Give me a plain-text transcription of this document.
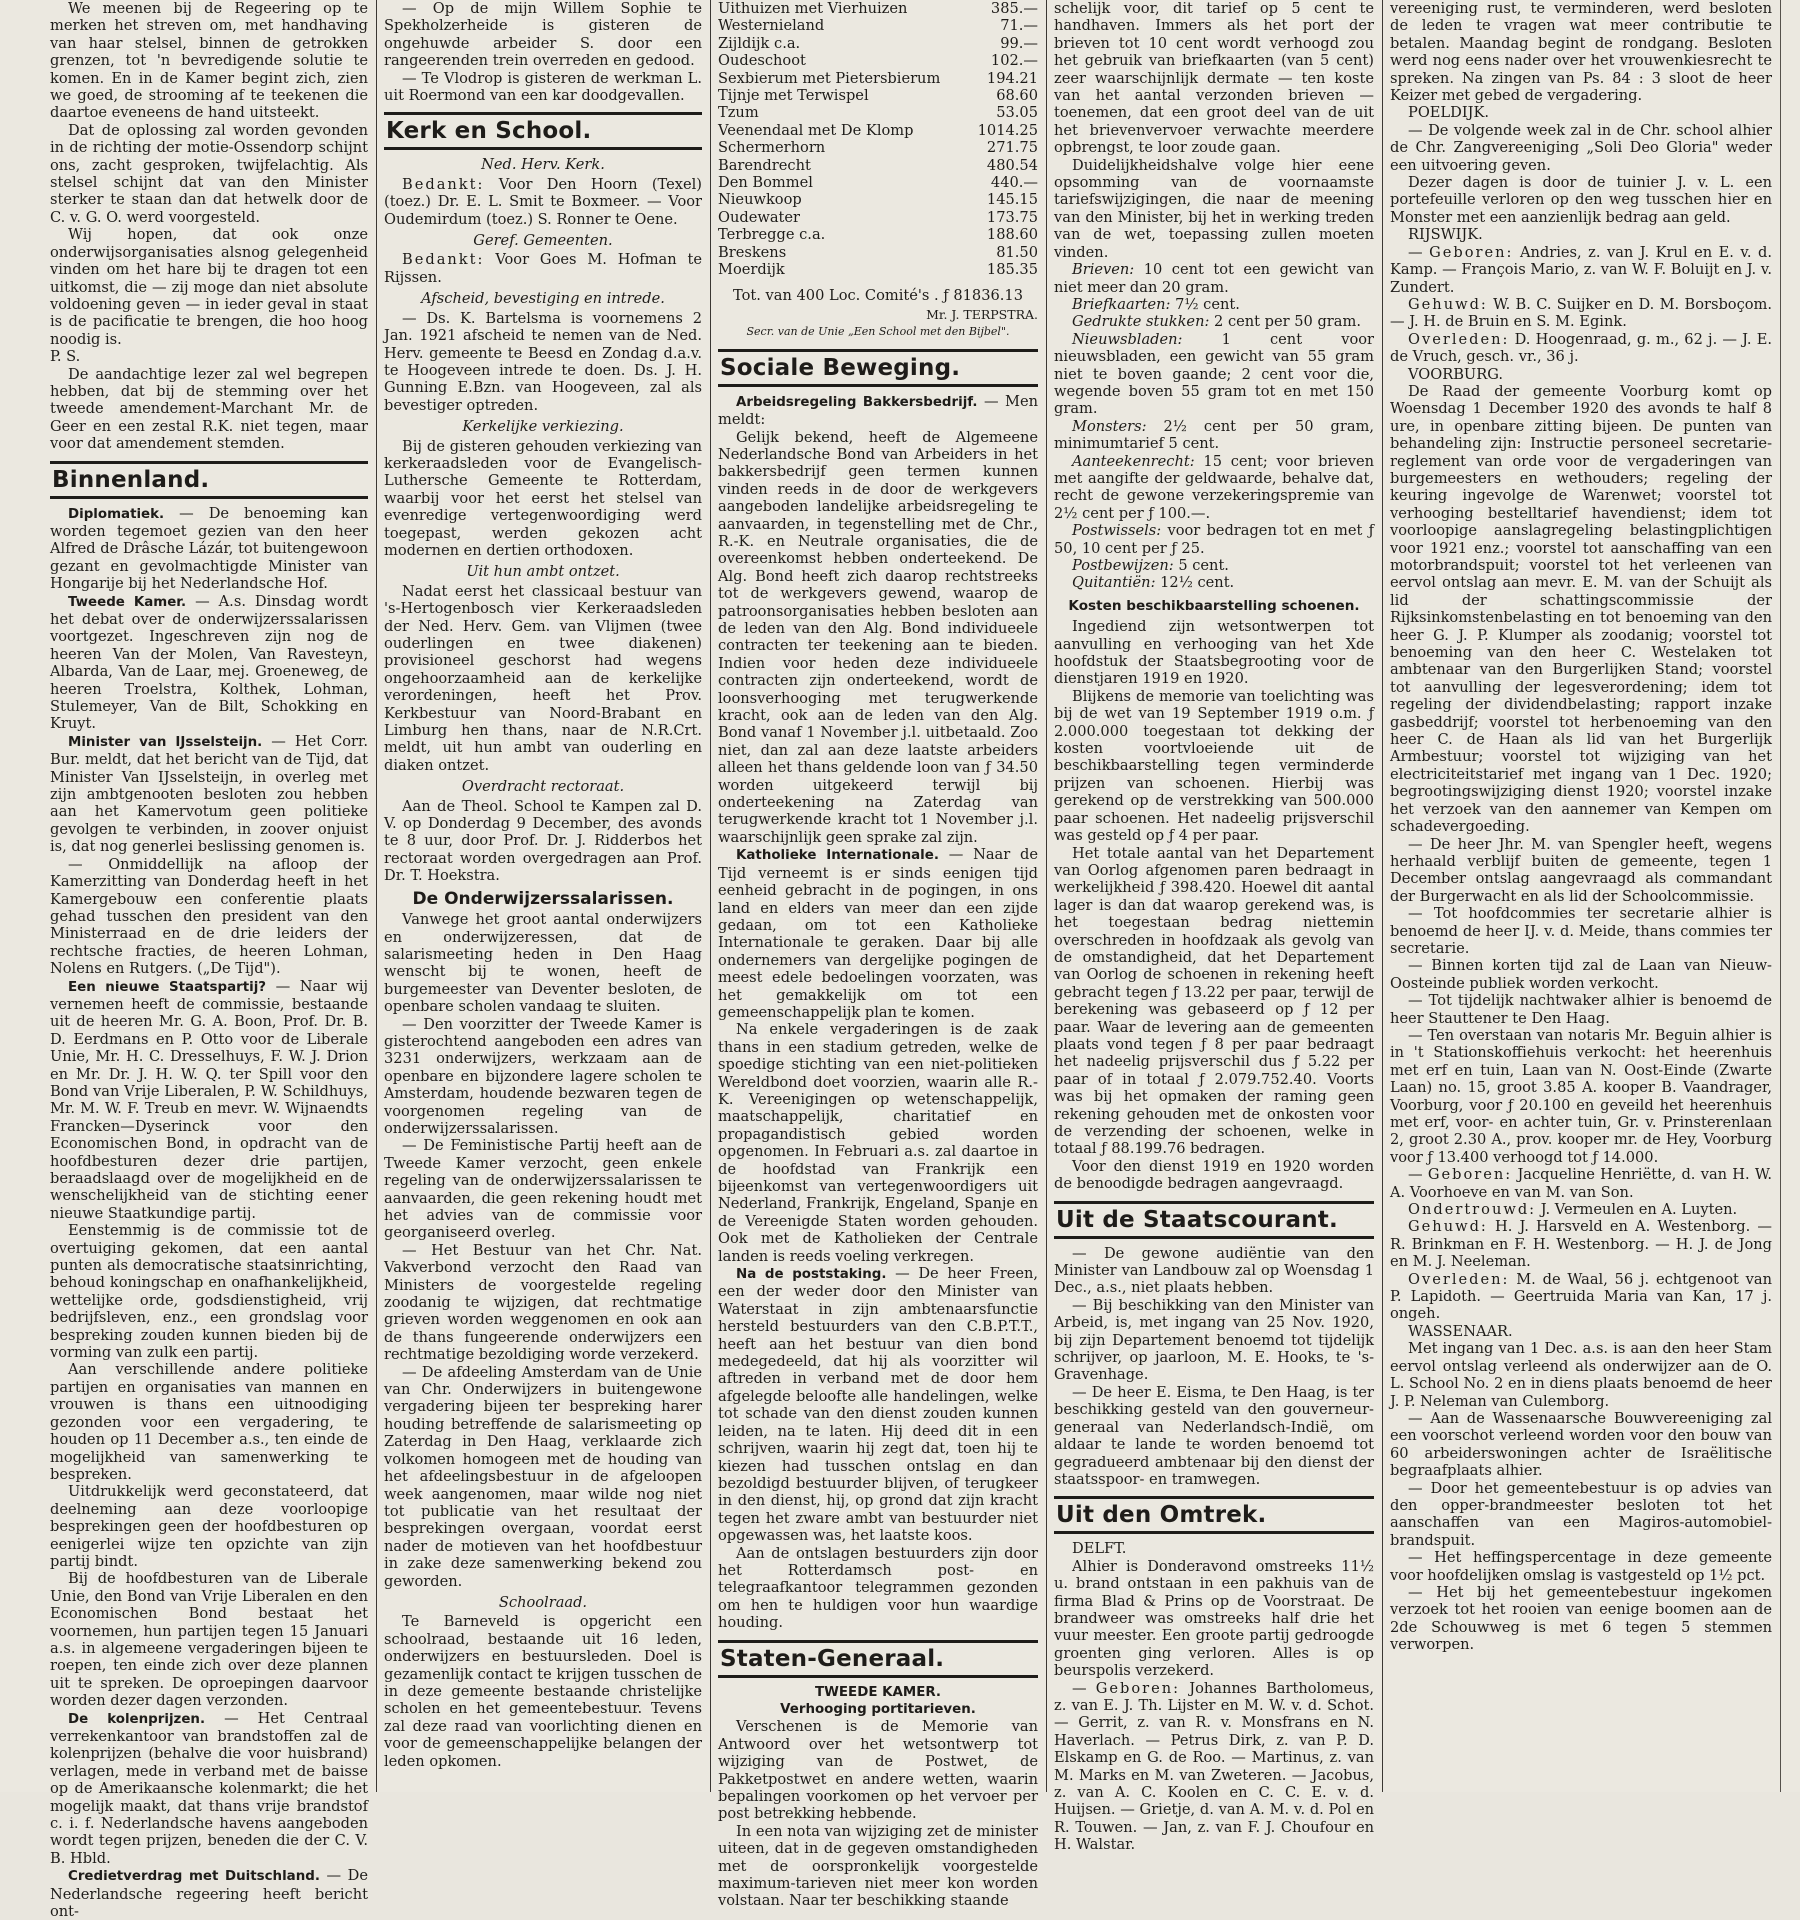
We meenen bij de Regeering op te merken het streven om, met handhaving van haar stelsel, binnen de getrokken grenzen, tot 'n bevredigende solutie te komen. En in de Kamer begint zich, zien we goed, de strooming af te teekenen die daartoe eveneens de hand uitsteekt.

Dat de oplossing zal worden gevonden in de richting der motie-Ossendorp schijnt ons, zacht gesproken, twijfelachtig. Als stelsel schijnt dat van den Minister sterker te staan dan dat hetwelk door de C. v. G. O. werd voorgesteld.

Wij hopen, dat ook onze onderwijsorganisaties alsnog gelegenheid vinden om het hare bij te dragen tot een uitkomst, die — zij moge dan niet absolute voldoening geven — in ieder geval in staat is de pacificatie te brengen, die hoo hoog noodig is.

P. S.

De aandachtige lezer zal wel begrepen hebben, dat bij de stemming over het tweede amendement-Marchant Mr. de Geer en een zestal R.K. niet tegen, maar voor dat amendement stemden.

Binnenland.

Diplomatiek. — De benoeming kan worden tegemoet gezien van den heer Alfred de Drâsche Lázár, tot buitengewoon gezant en gevolmachtigde Minister van Hongarije bij het Nederlandsche Hof.

Tweede Kamer. — A.s. Dinsdag wordt het debat over de onderwijzerssalarissen voortgezet. Ingeschreven zijn nog de heeren Van der Molen, Van Ravesteyn, Albarda, Van de Laar, mej. Groeneweg, de heeren Troelstra, Kolthek, Lohman, Stulemeyer, Van de Bilt, Schokking en Kruyt.

Minister van IJsselsteijn. — Het Corr. Bur. meldt, dat het bericht van de Tijd, dat Minister Van IJsselsteijn, in overleg met zijn ambtgenooten besloten zou hebben aan het Kamervotum geen politieke gevolgen te verbinden, in zoover onjuist is, dat nog generlei beslissing genomen is.

— Onmiddellijk na afloop der Kamerzitting van Donderdag heeft in het Kamergebouw een conferentie plaats gehad tusschen den president van den Ministerraad en de drie leiders der rechtsche fracties, de heeren Lohman, Nolens en Rutgers. („De Tijd").

Een nieuwe Staatspartij? — Naar wij vernemen heeft de commissie, bestaande uit de heeren Mr. G. A. Boon, Prof. Dr. B. D. Eerdmans en P. Otto voor de Liberale Unie, Mr. H. C. Dresselhuys, F. W. J. Drion en Mr. Dr. J. H. W. Q. ter Spill voor den Bond van Vrije Liberalen, P. W. Schildhuys, Mr. M. W. F. Treub en mevr. W. Wijnaendts Francken—Dyserinck voor den Economischen Bond, in opdracht van de hoofdbesturen dezer drie partijen, beraadslaagd over de mogelijkheid en de wenschelijkheid van de stichting eener nieuwe Staatkundige partij.

Eenstemmig is de commissie tot de overtuiging gekomen, dat een aantal punten als democratische staatsinrichting, behoud koningschap en onafhankelijkheid, wettelijke orde, godsdienstigheid, vrij bedrijfsleven, enz., een grondslag voor bespreking zouden kunnen bieden bij de vorming van zulk een partij.

Aan verschillende andere politieke partijen en organisaties van mannen en vrouwen is thans een uitnoodiging gezonden voor een vergadering, te houden op 11 December a.s., ten einde de mogelijkheid van samenwerking te bespreken.

Uitdrukkelijk werd geconstateerd, dat deelneming aan deze voorloopige besprekingen geen der hoofdbesturen op eenigerlei wijze ten opzichte van zijn partij bindt.

Bij de hoofdbesturen van de Liberale Unie, den Bond van Vrije Liberalen en den Economischen Bond bestaat het voornemen, hun partijen tegen 15 Januari a.s. in algemeene vergaderingen bijeen te roepen, ten einde zich over deze plannen uit te spreken. De oproepingen daarvoor worden dezer dagen verzonden.

De kolenprijzen. — Het Centraal verrekenkantoor van brandstoffen zal de kolenprijzen (behalve die voor huisbrand) verlagen, mede in verband met de baisse op de Amerikaansche kolenmarkt; die het mogelijk maakt, dat thans vrije brandstof c. i. f. Nederlandsche havens aangeboden wordt tegen prijzen, beneden die der C. V. B. Hbld.

Credietverdrag met Duitschland. — De Nederlandsche regeering heeft bericht ont-

— Op de mijn Willem Sophie te Spekholzerheide is gisteren de ongehuwde arbeider S. door een rangeerenden trein overreden en gedood.

— Te Vlodrop is gisteren de werkman L. uit Roermond van een kar doodgevallen.

Kerk en School.
Ned. Herv. Kerk.

Bedankt: Voor Den Hoorn (Texel) (toez.) Dr. E. L. Smit te Boxmeer. — Voor Oudemirdum (toez.) S. Ronner te Oene.

Geref. Gemeenten.

Bedankt: Voor Goes M. Hofman te Rijssen.

Afscheid, bevestiging en intrede.

— Ds. K. Bartelsma is voornemens 2 Jan. 1921 afscheid te nemen van de Ned. Herv. gemeente te Beesd en Zondag d.a.v. te Hoogeveen intrede te doen. Ds. J. H. Gunning E.Bzn. van Hoogeveen, zal als bevestiger optreden.

Kerkelijke verkiezing.

Bij de gisteren gehouden verkiezing van kerkeraadsleden voor de Evangelisch-Luthersche Gemeente te Rotterdam, waarbij voor het eerst het stelsel van evenredige vertegenwoordiging werd toegepast, werden gekozen acht modernen en dertien orthodoxen.

Uit hun ambt ontzet.

Nadat eerst het classicaal bestuur van 's-Hertogenbosch vier Kerkeraadsleden der Ned. Herv. Gem. van Vlijmen (twee ouderlingen en twee diakenen) provisioneel geschorst had wegens ongehoorzaamheid aan de kerkelijke verordeningen, heeft het Prov. Kerkbestuur van Noord-Brabant en Limburg hen thans, naar de N.R.Crt. meldt, uit hun ambt van ouderling en diaken ontzet.

Overdracht rectoraat.

Aan de Theol. School te Kampen zal D. V. op Donderdag 9 December, des avonds te 8 uur, door Prof. Dr. J. Ridderbos het rectoraat worden overgedragen aan Prof. Dr. T. Hoekstra.

De Onderwijzerssalarissen.

Vanwege het groot aantal onderwijzers en onderwijzeressen, dat de salarismeeting heden in Den Haag wenscht bij te wonen, heeft de burgemeester van Deventer besloten, de openbare scholen vandaag te sluiten.

— Den voorzitter der Tweede Kamer is gisterochtend aangeboden een adres van 3231 onderwijzers, werkzaam aan de openbare en bijzondere lagere scholen te Amsterdam, houdende bezwaren tegen de voorgenomen regeling van de onderwijzerssalarissen.

— De Feministische Partij heeft aan de Tweede Kamer verzocht, geen enkele regeling van de onderwijzerssalarissen te aanvaarden, die geen rekening houdt met het advies van de commissie voor georganiseerd overleg.

— Het Bestuur van het Chr. Nat. Vakverbond verzocht den Raad van Ministers de voorgestelde regeling zoodanig te wijzigen, dat rechtmatige grieven worden weggenomen en ook aan de thans fungeerende onderwijzers een rechtmatige bezoldiging worde verzekerd.

— De afdeeling Amsterdam van de Unie van Chr. Onderwijzers in buitengewone vergadering bijeen ter bespreking harer houding betreffende de salarismeeting op Zaterdag in Den Haag, verklaarde zich volkomen homogeen met de houding van het afdeelingsbestuur in de afgeloopen week aangenomen, maar wilde nog niet tot publicatie van het resultaat der besprekingen overgaan, voordat eerst nader de motieven van het hoofdbestuur in zake deze samenwerking bekend zou geworden.

Schoolraad.

Te Barneveld is opgericht een schoolraad, bestaande uit 16 leden, onderwijzers en bestuursleden. Doel is gezamenlijk contact te krijgen tusschen de in deze gemeente bestaande christelijke scholen en het gemeentebestuur. Tevens zal deze raad van voorlichting dienen en voor de gemeenschappelijke belangen der leden opkomen.

Uithuizen met Vierhuizen	385.—
Westernieland	71.—
Zijldijk c.a.	99.—
Oudeschoot	102.—
Sexbierum met Pietersbierum	194.21
Tijnje met Terwispel	68.60
Tzum	53.05
Veenendaal met De Klomp	1014.25
Schermerhorn	271.75
Barendrecht	480.54
Den Bommel	440.—
Nieuwkoop	145.15
Oudewater	173.75
Terbregge c.a.	188.60
Breskens	81.50
Moerdijk	185.35
Tot. van 400 Loc. Comité's . ƒ 81836.13
Mr. J. TERPSTRA.
Secr. van de Unie „Een School met den Bijbel".
Sociale Beweging.

Arbeidsregeling Bakkersbedrijf. — Men meldt:

Gelijk bekend, heeft de Algemeene Nederlandsche Bond van Arbeiders in het bakkersbedrijf geen termen kunnen vinden reeds in de door de werkgevers aangeboden landelijke arbeidsregeling te aanvaarden, in tegenstelling met de Chr., R.-K. en Neutrale organisaties, die de overeenkomst hebben onderteekend. De Alg. Bond heeft zich daarop rechtstreeks tot de werkgevers gewend, waarop de patroonsorganisaties hebben besloten aan de leden van den Alg. Bond individueele contracten ter teekening aan te bieden. Indien voor heden deze individueele contracten zijn onderteekend, wordt de loonsverhooging met terugwerkende kracht, ook aan de leden van den Alg. Bond vanaf 1 November j.l. uitbetaald. Zoo niet, dan zal aan deze laatste arbeiders alleen het thans geldende loon van ƒ 34.50 worden uitgekeerd terwijl bij onderteekening na Zaterdag van terugwerkende kracht tot 1 November j.l. waarschijnlijk geen sprake zal zijn.

Katholieke Internationale. — Naar de Tijd verneemt is er sinds eenigen tijd eenheid gebracht in de pogingen, in ons land en elders van meer dan een zijde gedaan, om tot een Katholieke Internationale te geraken. Daar bij alle ondernemers van dergelijke pogingen de meest edele bedoelingen voorzaten, was het gemakkelijk om tot een gemeenschappelijk plan te komen.

Na enkele vergaderingen is de zaak thans in een stadium getreden, welke de spoedige stichting van een niet-politieken Wereldbond doet voorzien, waarin alle R.-K. Vereenigingen op wetenschappelijk, maatschappelijk, charitatief en propagandistisch gebied worden opgenomen. In Februari a.s. zal daartoe in de hoofdstad van Frankrijk een bijeenkomst van vertegenwoordigers uit Nederland, Frankrijk, Engeland, Spanje en de Vereenigde Staten worden gehouden. Ook met de Katholieken der Centrale landen is reeds voeling verkregen.

Na de poststaking. — De heer Freen, een der weder door den Minister van Waterstaat in zijn ambtenaarsfunctie hersteld bestuurders van den C.B.P.T.T., heeft aan het bestuur van dien bond medegedeeld, dat hij als voorzitter wil aftreden in verband met de door hem afgelegde beloofte alle handelingen, welke tot schade van den dienst zouden kunnen leiden, na te laten. Hij deed dit in een schrijven, waarin hij zegt dat, toen hij te kiezen had tusschen ontslag en dan bezoldigd bestuurder blijven, of terugkeer in den dienst, hij, op grond dat zijn kracht tegen het zware ambt van bestuurder niet opgewassen was, het laatste koos.

Aan de ontslagen bestuurders zijn door het Rotterdamsch post- en telegraafkantoor telegrammen gezonden om hen te huldigen voor hun waardige houding.

Staten-Generaal.
TWEEDE KAMER.
Verhooging portitarieven.

Verschenen is de Memorie van Antwoord over het wetsontwerp tot wijziging van de Postwet, de Pakketpostwet en andere wetten, waarin bepalingen voorkomen op het vervoer per post betrekking hebbende.

In een nota van wijziging zet de minister uiteen, dat in de gegeven omstandigheden met de oorspronkelijk voorgestelde maximum-tarieven niet meer kon worden volstaan. Naar ter beschikking staande

schelijk voor, dit tarief op 5 cent te handhaven. Immers als het port der brieven tot 10 cent wordt verhoogd zou het gebruik van briefkaarten (van 5 cent) zeer waarschijnlijk dermate — ten koste van het aantal verzonden brieven — toenemen, dat een groot deel van de uit het brievenvervoer verwachte meerdere opbrengst, te loor zoude gaan.

Duidelijkheidshalve volge hier eene opsomming van de voornaamste tariefswijzigingen, die naar de meening van den Minister, bij het in werking treden van de wet, toepassing zullen moeten vinden.

Brieven: 10 cent tot een gewicht van niet meer dan 20 gram.

Briefkaarten: 7½ cent.

Gedrukte stukken: 2 cent per 50 gram.

Nieuwsbladen:	1 cent voor nieuwsbladen, een gewicht van 55 gram niet te boven gaande; 2 cent voor die, wegende boven 55 gram tot en met 150 gram.

Monsters: 2½ cent per 50 gram, minimumtarief 5 cent.

Aanteekenrecht: 15 cent; voor brieven met aangifte der geldwaarde, behalve dat, recht de gewone verzekeringspremie van 2½ cent per ƒ 100.—.

Postwissels: voor bedragen tot en met ƒ 50, 10 cent per ƒ 25.

Postbewijzen: 5 cent.

Quitantiën: 12½ cent.

Kosten beschikbaarstelling schoenen.

Ingediend zijn wetsontwerpen tot aanvulling en verhooging van het Xde hoofdstuk der Staatsbegrooting voor de dienstjaren 1919 en 1920.

Blijkens de memorie van toelichting was bij de wet van 19 September 1919 o.m. ƒ 2.000.000 toegestaan tot dekking der kosten voortvloeiende uit de beschikbaarstelling tegen verminderde prijzen van schoenen. Hierbij was gerekend op de verstrekking van 500.000 paar schoenen. Het nadeelig prijsverschil was gesteld op ƒ 4 per paar.

Het totale aantal van het Departement van Oorlog afgenomen paren bedraagt in werkelijkheid ƒ 398.420. Hoewel dit aantal lager is dan dat waarop gerekend was, is het toegestaan bedrag niettemin overschreden in hoofdzaak als gevolg van de omstandigheid, dat het Departement van Oorlog de schoenen in rekening heeft gebracht tegen ƒ 13.22 per paar, terwijl de berekening was gebaseerd op ƒ 12 per paar. Waar de levering aan de gemeenten plaats vond tegen ƒ 8 per paar bedraagt het nadeelig prijsverschil dus ƒ 5.22 per paar of in totaal ƒ 2.079.752.40. Voorts was bij het opmaken der raming geen rekening gehouden met de onkosten voor de verzending der schoenen, welke in totaal ƒ 88.199.76 bedragen.

Voor den dienst 1919 en 1920 worden de benoodigde bedragen aangevraagd.

Uit de Staatscourant.

— De gewone audiëntie van den Minister van Landbouw zal op Woensdag 1 Dec., a.s., niet plaats hebben.

— Bij beschikking van den Minister van Arbeid, is, met ingang van 25 Nov. 1920, bij zijn Departement benoemd tot tijdelijk schrijver, op jaarloon, M. E. Hooks, te 's-Gravenhage.

— De heer E. Eisma, te Den Haag, is ter beschikking gesteld van den gouverneur-generaal van Nederlandsch-Indië, om aldaar te lande te worden benoemd tot gegradueerd ambtenaar bij den dienst der staatsspoor- en tramwegen.

Uit den Omtrek.

DELFT.

Alhier is Donderavond omstreeks 11½ u. brand ontstaan in een pakhuis van de firma Blad & Prins op de Voorstraat. De brandweer was omstreeks half drie het vuur meester. Een groote partij gedroogde groenten ging verloren. Alles is op beurspolis verzekerd.

— Geboren: Johannes Bartholomeus, z. van E. J. Th. Lijster en M. W. v. d. Schot. — Gerrit, z. van R. v. Monsfrans en N. Haverlach. — Petrus Dirk, z. van P. D. Elskamp en G. de Roo. — Martinus, z. van M. Marks en M. van Zweteren. — Jacobus, z. van A. C. Koolen en C. C. E. v. d. Huijsen. — Grietje, d. van A. M. v. d. Pol en R. Touwen. — Jan, z. van F. J. Choufour en H. Walstar.

vereeniging rust, te verminderen, werd besloten de leden te vragen wat meer contributie te betalen. Maandag begint de rondgang. Besloten werd nog eens nader over het vrouwenkiesrecht te spreken. Na zingen van Ps. 84 : 3 sloot de heer Keizer met gebed de vergadering.

POELDIJK.

— De volgende week zal in de Chr. school alhier de Chr. Zangvereeniging „Soli Deo Gloria" weder een uitvoering geven.

Dezer dagen is door de tuinier J. v. L. een portefeuille verloren op den weg tusschen hier en Monster met een aanzienlijk bedrag aan geld.

RIJSWIJK.

— Geboren: Andries, z. van J. Krul en E. v. d. Kamp. — François Mario, z. van W. F. Boluijt en J. v. Zundert.

Gehuwd: W. B. C. Suijker en D. M. Borsboçom. — J. H. de Bruin en S. M. Egink.

Overleden: D. Hoogenraad, g. m., 62 j. — J. E. de Vruch, gesch. vr., 36 j.

VOORBURG.

De Raad der gemeente Voorburg komt op Woensdag 1 December 1920 des avonds te half 8 ure, in openbare zitting bijeen. De punten van behandeling zijn: Instructie personeel secretarie-reglement van orde voor de vergaderingen van burgemeesters en wethouders; regeling der keuring ingevolge de Warenwet; voorstel tot verhooging bestelltarief havendienst; idem tot voorloopige aanslagregeling belastingplichtigen voor 1921 enz.; voorstel tot aanschaffing van een motorbrandspuit; voorstel tot het verleenen van eervol ontslag aan mevr. E. M. van der Schuijt als lid der schattingscommissie der Rijksinkomstenbelasting en tot benoeming van den heer G. J. P. Klumper als zoodanig; voorstel tot benoeming van den heer C. Westelaken tot ambtenaar van den Burgerlijken Stand; voorstel tot aanvulling der legesverordening; idem tot regeling der dividendbelasting; rapport inzake gasbeddrijf; voorstel tot herbenoeming van den heer C. de Haan als lid van het Burgerlijk Armbestuur; voorstel tot wijziging van het electriciteitstarief met ingang van 1 Dec. 1920; begrootingswijziging dienst 1920; voorstel inzake het verzoek van den aannemer van Kempen om schadevergoeding.

— De heer Jhr. M. van Spengler heeft, wegens herhaald verblijf buiten de gemeente, tegen 1 December ontslag aangevraagd als commandant der Burgerwacht en als lid der Schoolcommissie.

— Tot hoofdcommies ter secretarie alhier is benoemd de heer IJ. v. d. Meide, thans commies ter secretarie.

— Binnen korten tijd zal de Laan van Nieuw-Oosteinde publiek worden verkocht.

— Tot tijdelijk nachtwaker alhier is benoemd de heer Stauttener te Den Haag.

— Ten overstaan van notaris Mr. Beguin alhier is in 't Stationskoffiehuis verkocht: het heerenhuis met erf en tuin, Laan van N. Oost-Einde (Zwarte Laan) no. 15, groot 3.85 A. kooper B. Vaandrager, Voorburg, voor ƒ 20.100 en geveild het heerenhuis met erf, voor- en achter tuin, Gr. v. Prinsterenlaan 2, groot 2.30 A., prov. kooper mr. de Hey, Voorburg voor ƒ 13.400 verhoogd tot ƒ 14.000.

— Geboren: Jacqueline Henriëtte, d. van H. W. A. Voorhoeve en van M. van Son.

Ondertrouwd: J. Vermeulen en A. Luyten.

Gehuwd: H. J. Harsveld en A. Westenborg. — R. Brinkman en F. H. Westenborg. — H. J. de Jong en M. J. Neeleman.

Overleden: M. de Waal, 56 j. echtgenoot van P. Lapidoth. — Geertruida Maria van Kan, 17 j. ongeh.

WASSENAAR.

Met ingang van 1 Dec. a.s. is aan den heer Stam eervol ontslag verleend als onderwijzer aan de O. L. School No. 2 en in diens plaats benoemd de heer J. P. Neleman van Culemborg.

— Aan de Wassenaarsche Bouwvereeniging zal een voorschot verleend worden voor den bouw van 60 arbeiderswoningen achter de Israëlitische begraafplaats alhier.

— Door het gemeentebestuur is op advies van den opper-brandmeester besloten tot het aanschaffen van een Magiros-automobiel-brandspuit.

— Het heffingspercentage in deze gemeente voor hoofdelijken omslag is vastgesteld op 1½ pct.

— Het bij het gemeentebestuur ingekomen verzoek tot het rooien van eenige boomen aan de 2de Schouwweg is met 6 tegen 5 stemmen verworpen.
